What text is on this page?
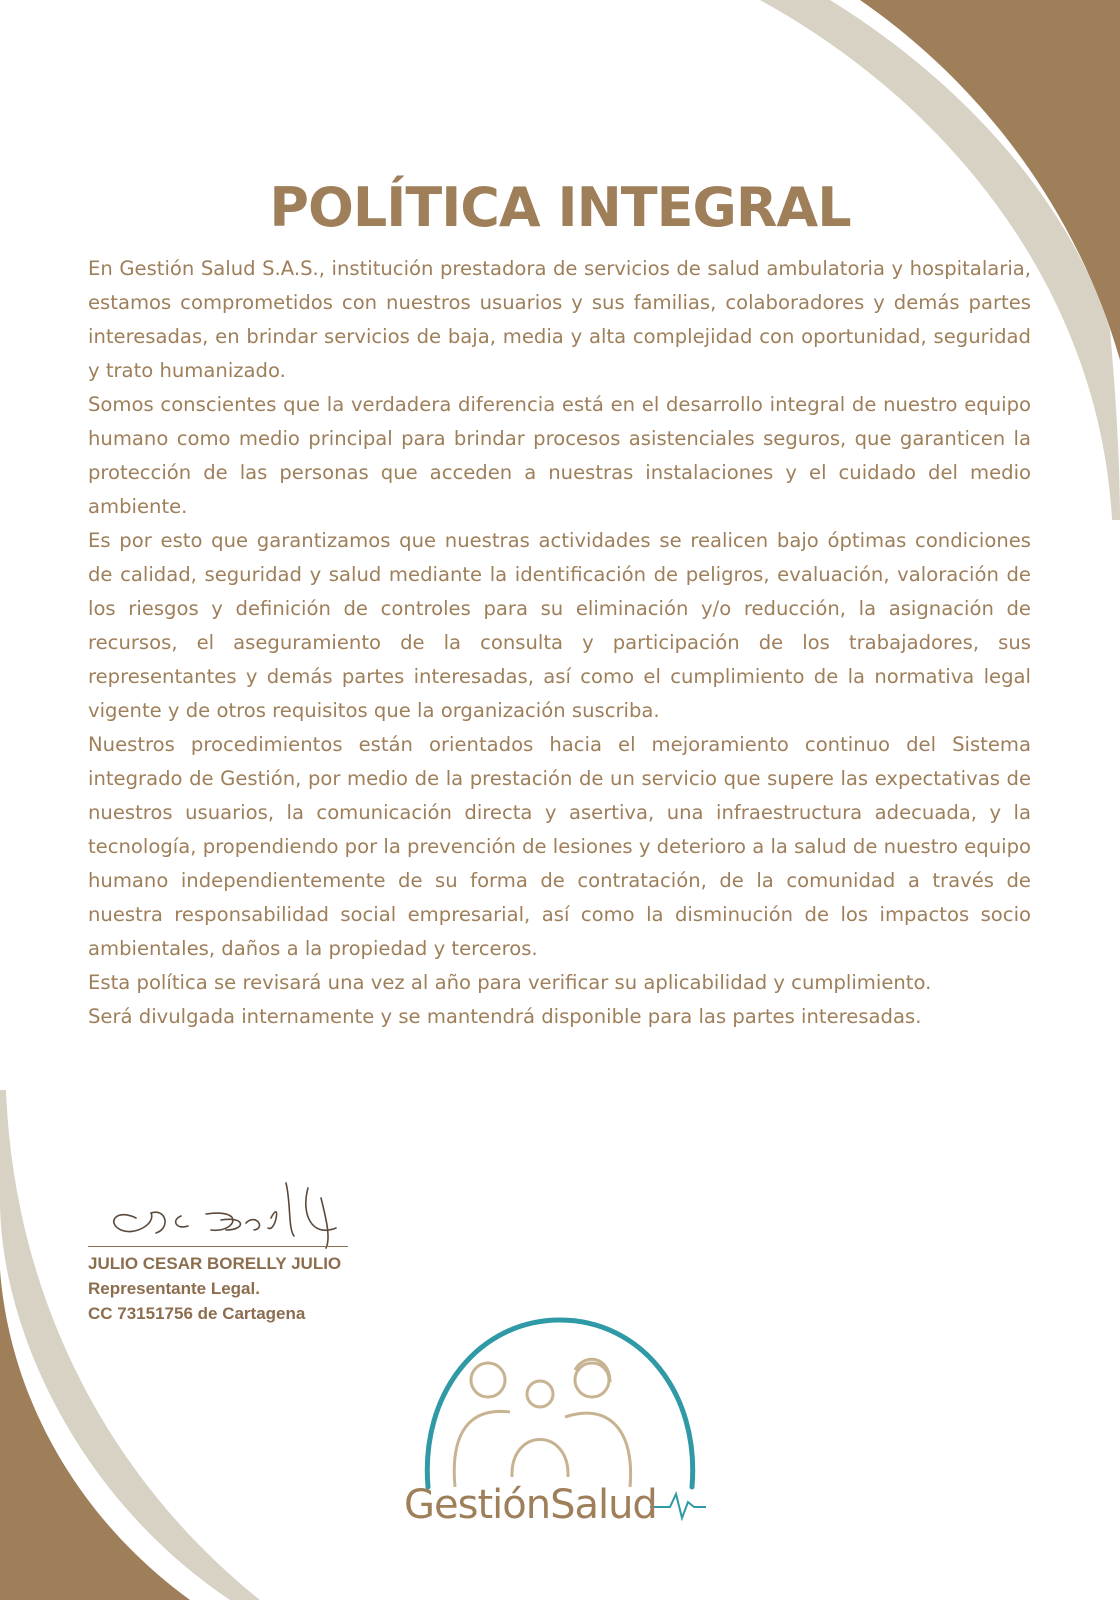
POLÍTICA INTEGRAL

En Gestión Salud S.A.S., institución prestadora de servicios de salud ambulatoria y hospitalaria, estamos comprometidos con nuestros usuarios y sus familias, colaboradores y demás partes interesadas, en brindar servicios de baja, media y alta complejidad con oportunidad, seguridad y trato humanizado.

Somos conscientes que la verdadera diferencia está en el desarrollo integral de nuestro equipo humano como medio principal para brindar procesos asistenciales seguros, que garanticen la protección de las personas que acceden a nuestras instalaciones y el cuidado del medio ambiente.

Es por esto que garantizamos que nuestras actividades se realicen bajo óptimas condiciones de calidad, seguridad y salud mediante la identificación de peligros, evaluación, valoración de los riesgos y definición de controles para su eliminación y/o reducción, la asignación de recursos, el aseguramiento de la consulta y participación de los trabajadores, sus representantes y demás partes interesadas, así como el cumplimiento de la normativa legal vigente y de otros requisitos que la organización suscriba.

Nuestros procedimientos están orientados hacia el mejoramiento continuo del Sistema integrado de Gestión, por medio de la prestación de un servicio que supere las expectativas de nuestros usuarios, la comunicación directa y asertiva, una infraestructura adecuada, y la tecnología, propendiendo por la prevención de lesiones y deterioro a la salud de nuestro equipo humano independientemente de su forma de contratación, de la comunidad a través de nuestra responsabilidad social empresarial, así como la disminución de los impactos socio ambientales, daños a la propiedad y terceros.

Esta política se revisará una vez al año para verificar su aplicabilidad y cumplimiento.

Será divulgada internamente y se mantendrá disponible para las partes interesadas.

JULIO CESAR BORELLY JULIO
Representante Legal.
CC 73151756 de Cartagena
GestiónSalud
